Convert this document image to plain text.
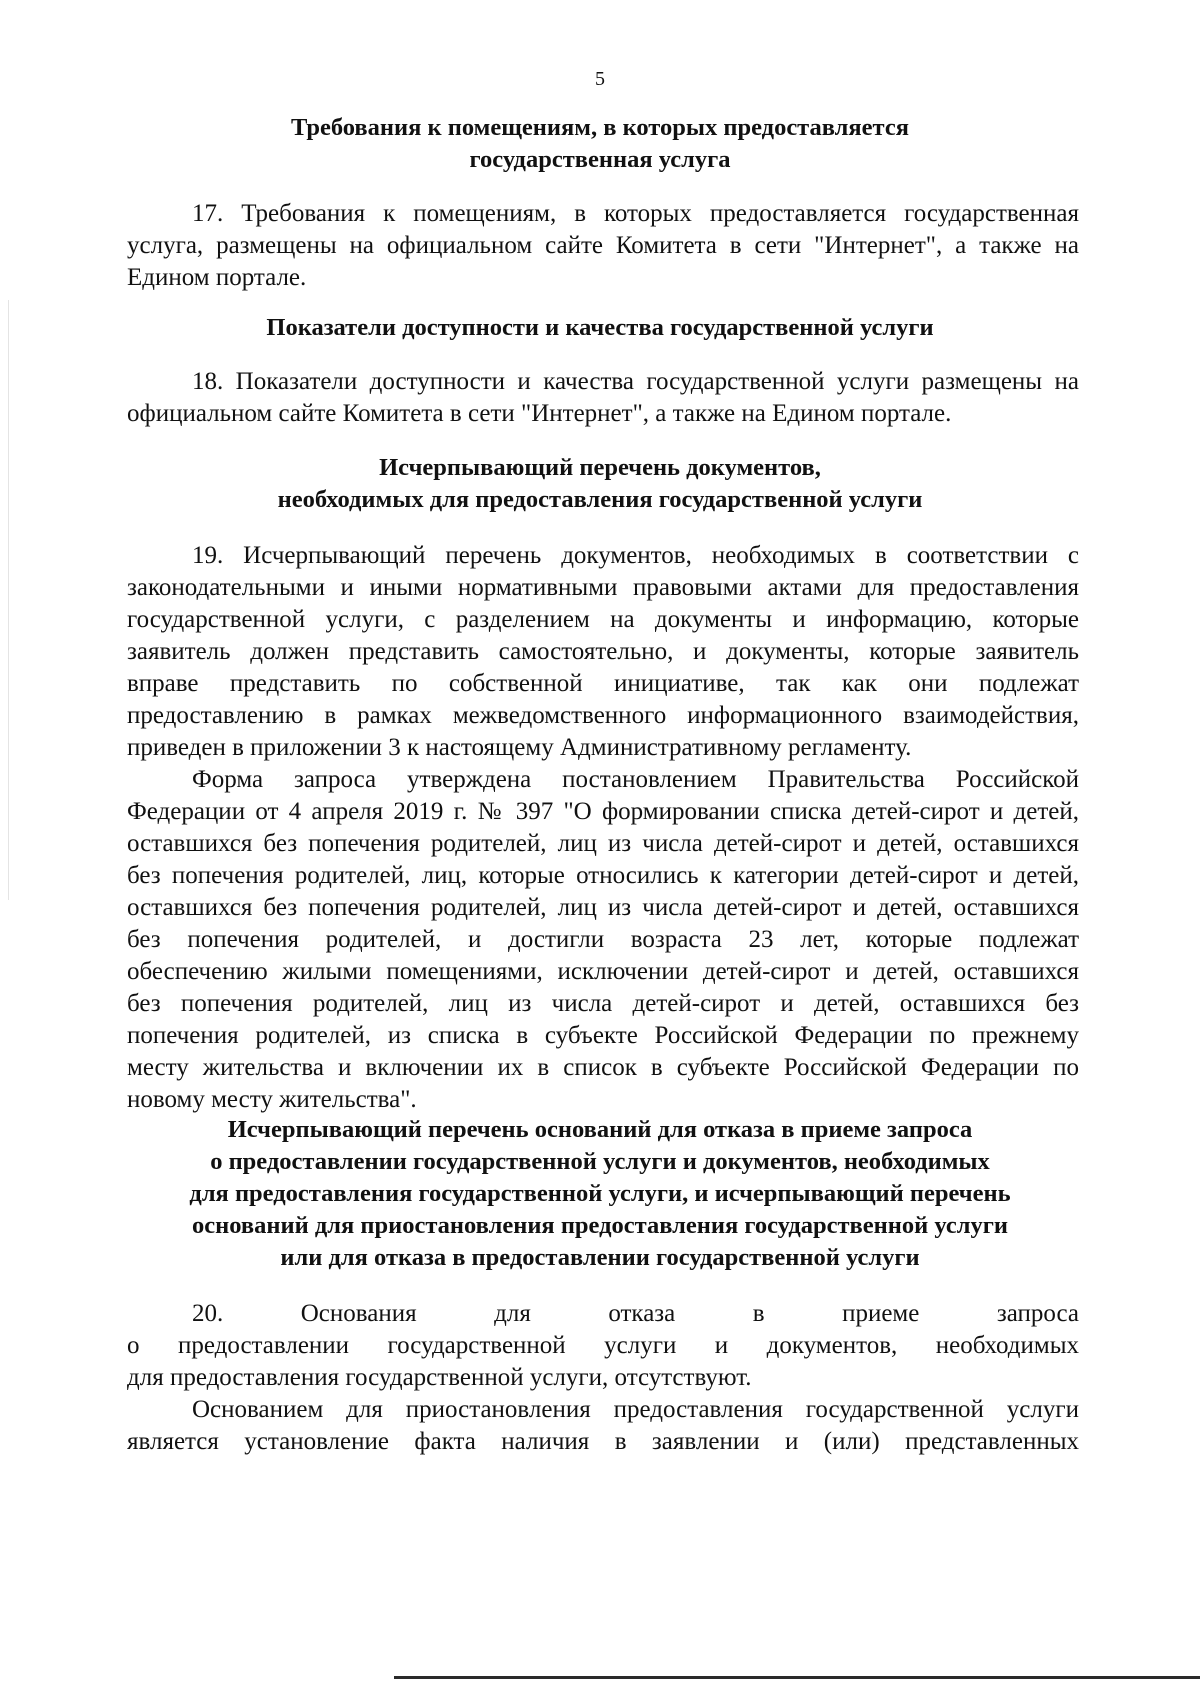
5
Требования к помещениям, в которых предоставляется
государственная услуга
17. Требования к помещениям, в которых предоставляется государственная
услуга, размещены на официальном сайте Комитета в сети "Интернет", а также на
Едином портале.
Показатели доступности и качества государственной услуги
18. Показатели доступности и качества государственной услуги размещены на
официальном сайте Комитета в сети "Интернет", а также на Едином портале.
Исчерпывающий перечень документов,
необходимых для предоставления государственной услуги
19. Исчерпывающий перечень документов, необходимых в соответствии с
законодательными и иными нормативными правовыми актами для предоставления
государственной услуги, с разделением на документы и информацию, которые
заявитель должен представить самостоятельно, и документы, которые заявитель
вправе представить по собственной инициативе, так как они подлежат
предоставлению в рамках межведомственного информационного взаимодействия,
приведен в приложении 3 к настоящему Административному регламенту.
Форма запроса утверждена постановлением Правительства Российской
Федерации от 4 апреля 2019 г. № 397 "О формировании списка детей-сирот и детей,
оставшихся без попечения родителей, лиц из числа детей-сирот и детей, оставшихся
без попечения родителей, лиц, которые относились к категории детей-сирот и детей,
оставшихся без попечения родителей, лиц из числа детей-сирот и детей, оставшихся
без попечения родителей, и достигли возраста 23 лет, которые подлежат
обеспечению жилыми помещениями, исключении детей-сирот и детей, оставшихся
без попечения родителей, лиц из числа детей-сирот и детей, оставшихся без
попечения родителей, из списка в субъекте Российской Федерации по прежнему
месту жительства и включении их в список в субъекте Российской Федерации по
новому месту жительства".
Исчерпывающий перечень оснований для отказа в приеме запроса
о предоставлении государственной услуги и документов, необходимых
для предоставления государственной услуги, и исчерпывающий перечень
оснований для приостановления предоставления государственной услуги
или для отказа в предоставлении государственной услуги
20. Основания для отказа в приеме запроса
о предоставлении государственной услуги и документов, необходимых
для предоставления государственной услуги, отсутствуют.
Основанием для приостановления предоставления государственной услуги
является установление факта наличия в заявлении и (или) представленных
